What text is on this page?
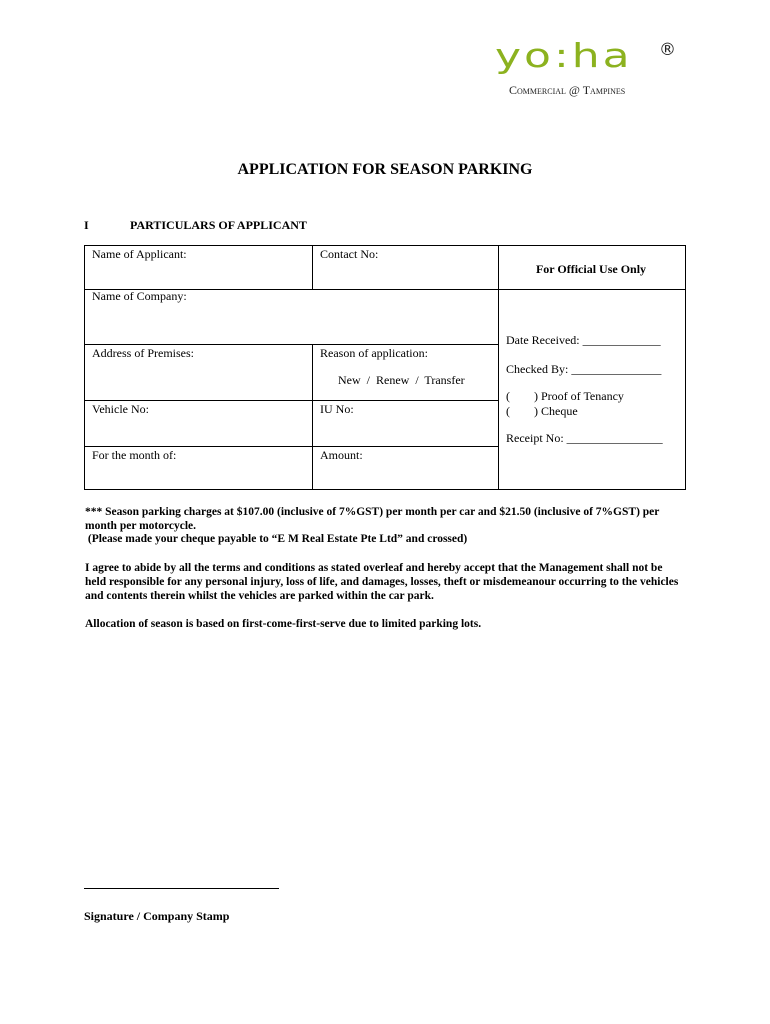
yo:ha ®
Commercial @ Tampines
APPLICATION FOR SEASON PARKING
I	PARTICULARS OF APPLICANT
Name of Applicant:	Contact No:
Name of Company:
Address of Premises:	Reason of application:
New  /  Renew  /  Transfer
Vehicle No:	IU No:
For the month of:	Amount:
For Official Use Only
Date Received: _____________
Checked By: _______________
(        ) Proof of Tenancy
(        ) Cheque
Receipt No: ________________
*** Season parking charges at $107.00 (inclusive of 7%GST) per month per car and $21.50 (inclusive of 7%GST) per month per motorcycle.
(Please made your cheque payable to “E M Real Estate Pte Ltd” and crossed)
I agree to abide by all the terms and conditions as stated overleaf and hereby accept that the Management shall not be held responsible for any personal injury, loss of life, and damages, losses, theft or misdemeanour occurring to the vehicles and contents therein whilst the vehicles are parked within the car park.
Allocation of season is based on first-come-first-serve due to limited parking lots.
Signature / Company Stamp
